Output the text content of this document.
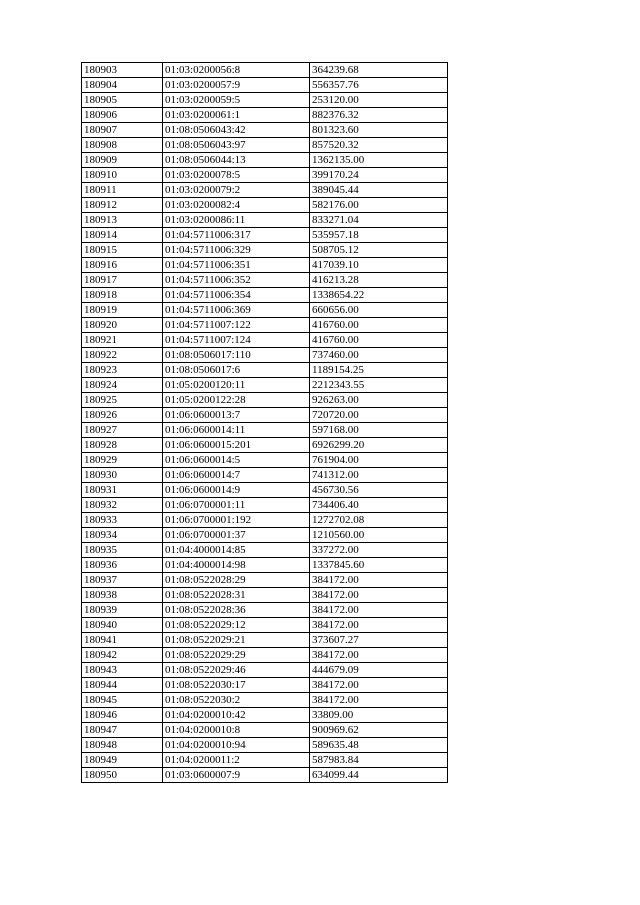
180903	01:03:0200056:8	364239.68
180904	01:03:0200057:9	556357.76
180905	01:03:0200059:5	253120.00
180906	01:03:0200061:1	882376.32
180907	01:08:0506043:42	801323.60
180908	01:08:0506043:97	857520.32
180909	01:08:0506044:13	1362135.00
180910	01:03:0200078:5	399170.24
180911	01:03:0200079:2	389045.44
180912	01:03:0200082:4	582176.00
180913	01:03:0200086:11	833271.04
180914	01:04:5711006:317	535957.18
180915	01:04:5711006:329	508705.12
180916	01:04:5711006:351	417039.10
180917	01:04:5711006:352	416213.28
180918	01:04:5711006:354	1338654.22
180919	01:04:5711006:369	660656.00
180920	01:04:5711007:122	416760.00
180921	01:04:5711007:124	416760.00
180922	01:08:0506017:110	737460.00
180923	01:08:0506017:6	1189154.25
180924	01:05:0200120:11	2212343.55
180925	01:05:0200122:28	926263.00
180926	01:06:0600013:7	720720.00
180927	01:06:0600014:11	597168.00
180928	01:06:0600015:201	6926299.20
180929	01:06:0600014:5	761904.00
180930	01:06:0600014:7	741312.00
180931	01:06:0600014:9	456730.56
180932	01:06:0700001:11	734406.40
180933	01:06:0700001:192	1272702.08
180934	01:06:0700001:37	1210560.00
180935	01:04:4000014:85	337272.00
180936	01:04:4000014:98	1337845.60
180937	01:08:0522028:29	384172.00
180938	01:08:0522028:31	384172.00
180939	01:08:0522028:36	384172.00
180940	01:08:0522029:12	384172.00
180941	01:08:0522029:21	373607.27
180942	01:08:0522029:29	384172.00
180943	01:08:0522029:46	444679.09
180944	01:08:0522030:17	384172.00
180945	01:08:0522030:2	384172.00
180946	01:04:0200010:42	33809.00
180947	01:04:0200010:8	900969.62
180948	01:04:0200010:94	589635.48
180949	01:04:0200011:2	587983.84
180950	01:03:0600007:9	634099.44
